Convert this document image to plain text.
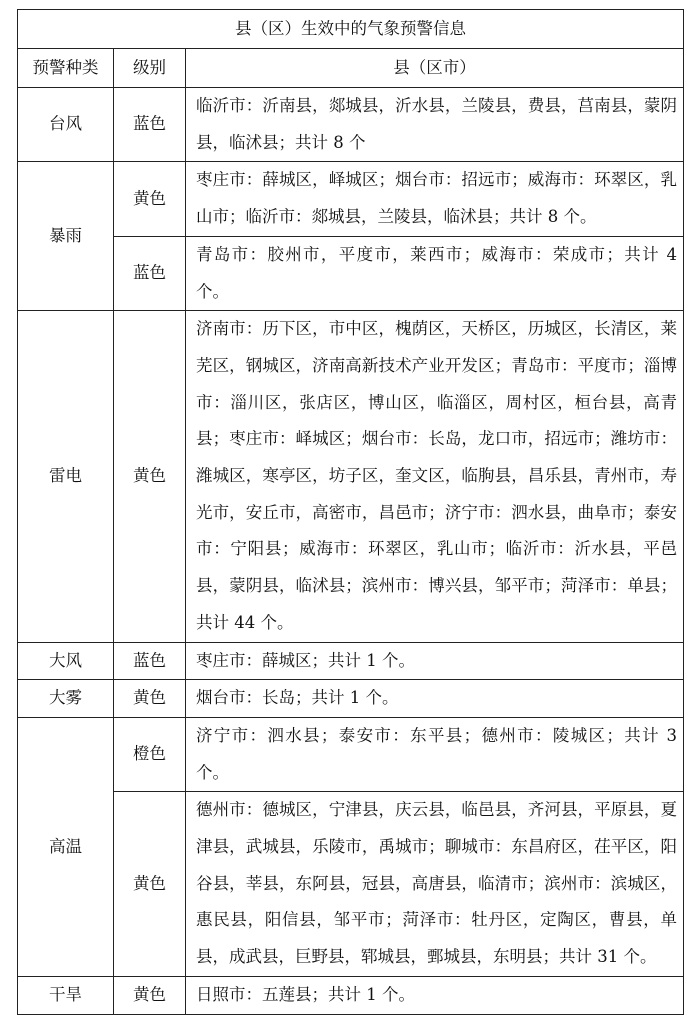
县（区）生效中的气象预警信息		
预警种类	级别	县（区市）
台风	蓝色	临沂市：沂南县，郯城县，沂水县，兰陵县，费县，莒南县，蒙阴县，临沭县；共计 8 个
暴雨	黄色	枣庄市：薛城区，峄城区；烟台市：招远市；威海市：环翠区，乳山市；临沂市：郯城县，兰陵县，临沭县；共计 8 个。
	蓝色	青岛市：胶州市，平度市，莱西市；威海市：荣成市；共计 4 个。
雷电	黄色	济南市：历下区，市中区，槐荫区，天桥区，历城区，长清区，莱芜区，钢城区，济南高新技术产业开发区；青岛市：平度市；淄博市：淄川区，张店区，博山区，临淄区，周村区，桓台县，高青县；枣庄市：峄城区；烟台市：长岛，龙口市，招远市；潍坊市：潍城区，寒亭区，坊子区，奎文区，临朐县，昌乐县，青州市，寿光市，安丘市，高密市，昌邑市；济宁市：泗水县，曲阜市；泰安市：宁阳县；威海市：环翠区，乳山市；临沂市：沂水县，平邑县，蒙阴县，临沭县；滨州市：博兴县，邹平市；菏泽市：单县；共计 44 个。
大风	蓝色	枣庄市：薛城区；共计 1 个。
大雾	黄色	烟台市：长岛；共计 1 个。
高温	橙色	济宁市：泗水县；泰安市：东平县；德州市：陵城区；共计 3 个。
	黄色	德州市：德城区，宁津县，庆云县，临邑县，齐河县，平原县，夏津县，武城县，乐陵市，禹城市；聊城市：东昌府区，茌平区，阳谷县，莘县，东阿县，冠县，高唐县，临清市；滨州市：滨城区，惠民县，阳信县，邹平市；菏泽市：牡丹区，定陶区，曹县，单县，成武县，巨野县，郓城县，鄄城县，东明县；共计 31 个。
干旱	黄色	日照市：五莲县；共计 1 个。
